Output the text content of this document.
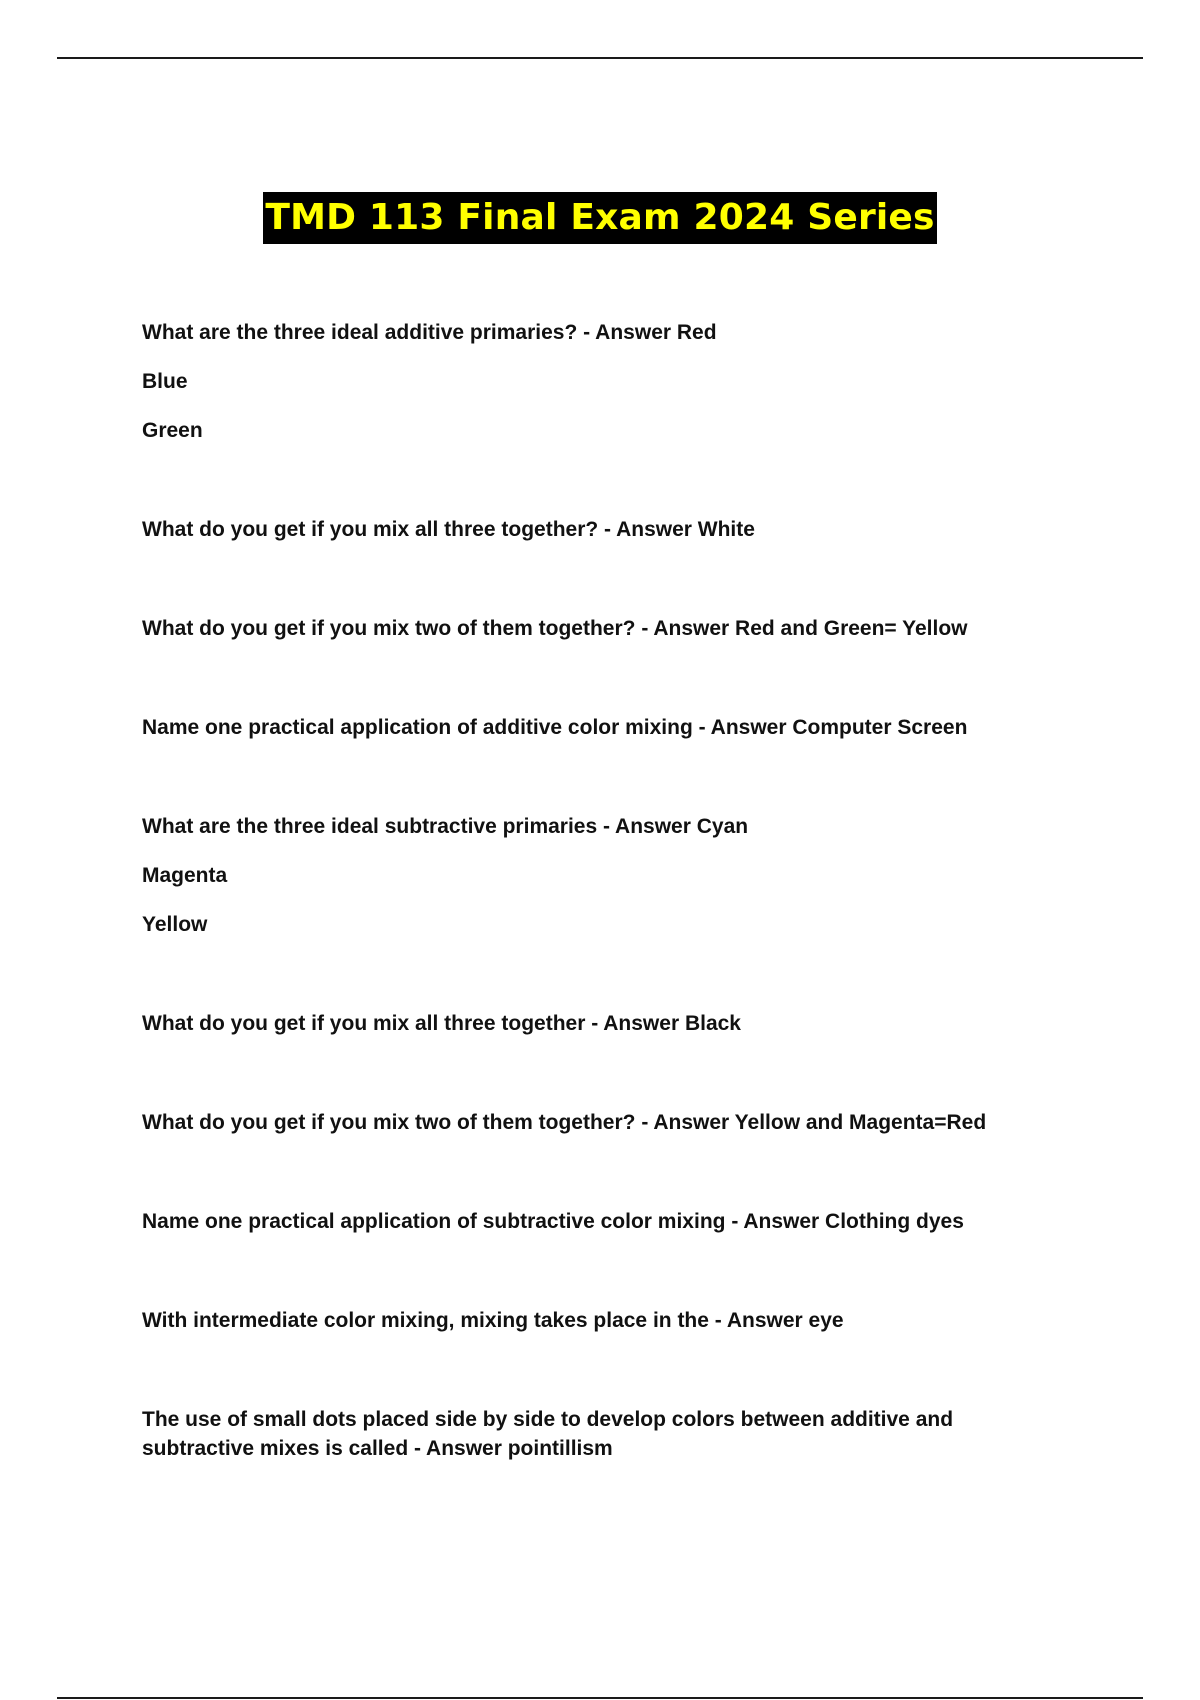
TMD 113 Final Exam 2024 Series
What are the three ideal additive primaries? - Answer Red
Blue
Green
What do you get if you mix all three together? - Answer White
What do you get if you mix two of them together? - Answer Red and Green= Yellow
Name one practical application of additive color mixing - Answer Computer Screen
What are the three ideal subtractive primaries - Answer Cyan
Magenta
Yellow
What do you get if you mix all three together - Answer Black
What do you get if you mix two of them together? - Answer Yellow and Magenta=Red
Name one practical application of subtractive color mixing - Answer Clothing dyes
With intermediate color mixing, mixing takes place in the - Answer eye
The use of small dots placed side by side to develop colors between additive and subtractive mixes is called - Answer pointillism
